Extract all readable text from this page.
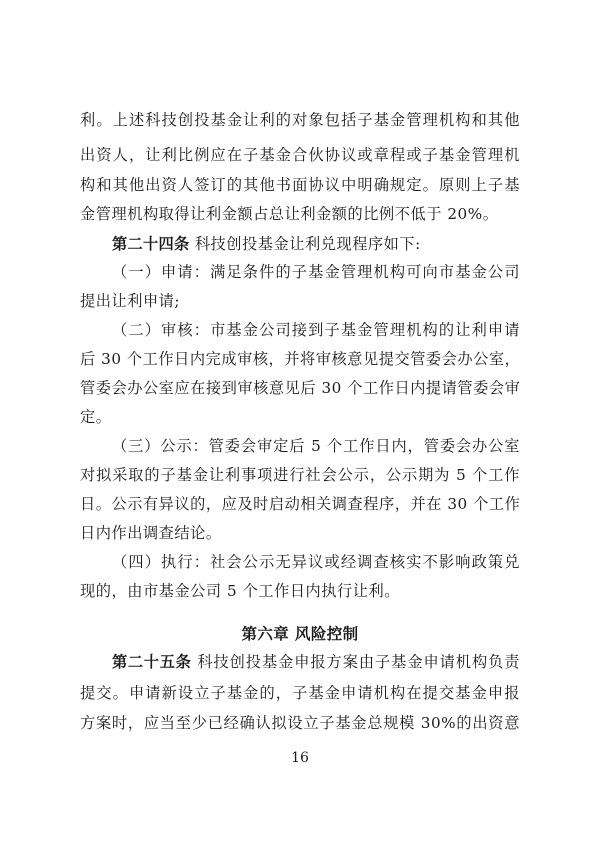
利。上述科技创投基金让利的对象包括子基金管理机构和其他
出资人，让利比例应在子基金合伙协议或章程或子基金管理机
构和其他出资人签订的其他书面协议中明确规定。原则上子基
金管理机构取得让利金额占总让利金额的比例不低于 20%。
第二十四条 科技创投基金让利兑现程序如下:
（一）申请：满足条件的子基金管理机构可向市基金公司
提出让利申请;
（二）审核：市基金公司接到子基金管理机构的让利申请
后 30 个工作日内完成审核，并将审核意见提交管委会办公室，
管委会办公室应在接到审核意见后 30 个工作日内提请管委会审
定。
（三）公示：管委会审定后 5 个工作日内，管委会办公室
对拟采取的子基金让利事项进行社会公示，公示期为 5 个工作
日。公示有异议的，应及时启动相关调查程序，并在 30 个工作
日内作出调查结论。
（四）执行：社会公示无异议或经调查核实不影响政策兑
现的，由市基金公司 5 个工作日内执行让利。
第六章 风险控制
第二十五条 科技创投基金申报方案由子基金申请机构负责
提交。申请新设立子基金的，子基金申请机构在提交基金申报
方案时，应当至少已经确认拟设立子基金总规模 30%的出资意
16
